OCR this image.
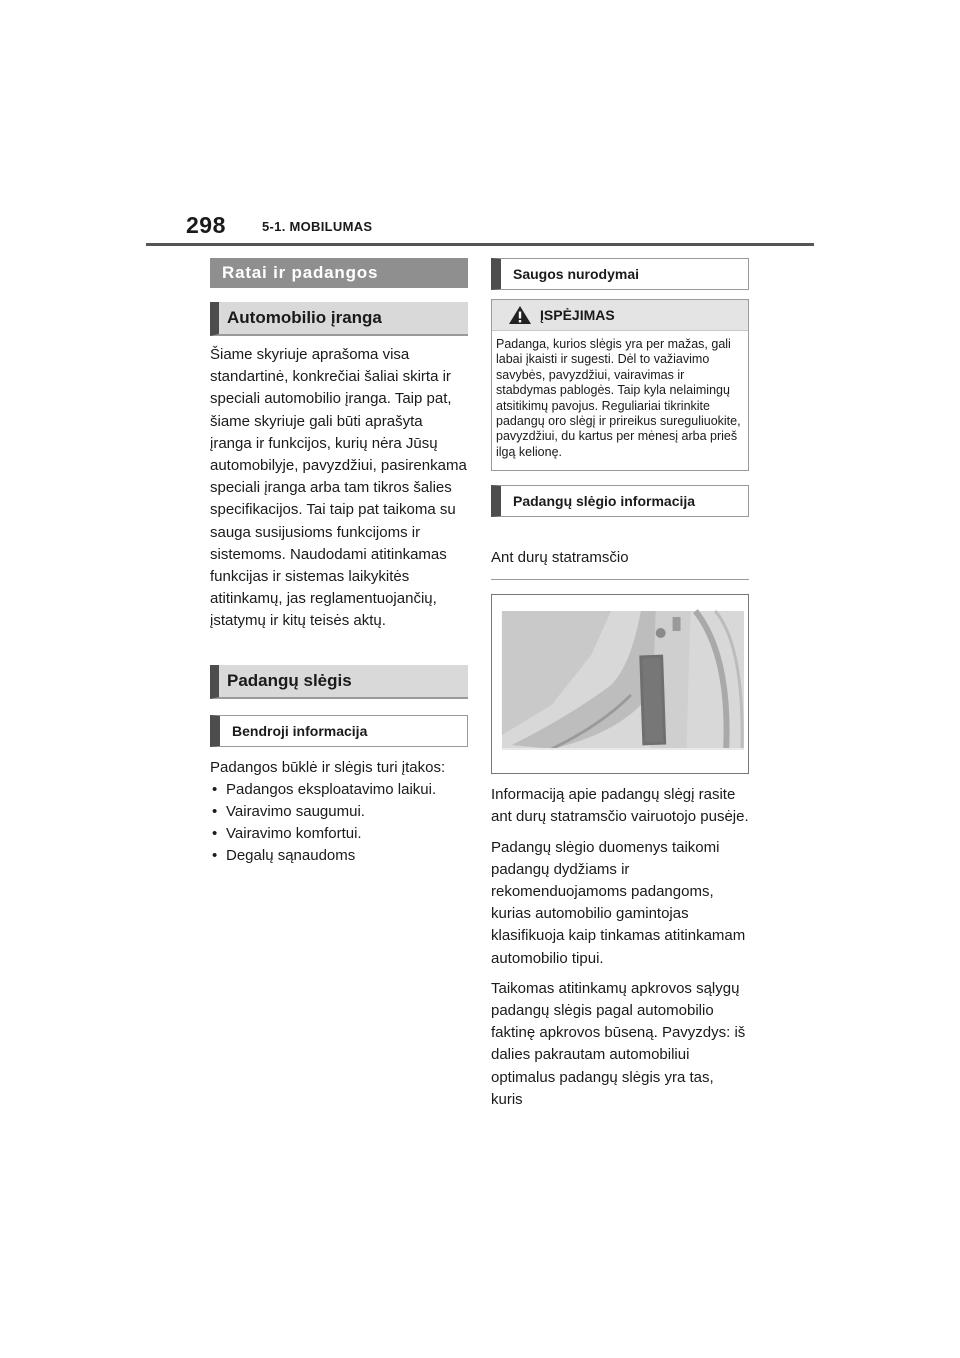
298	5-1. MOBILUMAS
Ratai ir padangos
Automobilio įranga

Šiame skyriuje aprašoma visa standartinė, konkrečiai šaliai skirta ir speciali automobilio įranga. Taip pat, šiame skyriuje gali būti aprašyta įranga ir funkcijos, kurių nėra Jūsų automobilyje, pavyzdžiui, pasirenkama speciali įranga arba tam tikros šalies specifikacijos. Tai taip pat taikoma su sauga susijusioms funkcijoms ir sistemoms. Naudodami atitinkamas funkcijas ir sistemas laikykitės atitinkamų, jas reglamentuojančių, įstatymų ir kitų teisės aktų.

Padangų slėgis
Bendroji informacija

Padangos būklė ir slėgis turi įtakos:

• Padangos eksploatavimo laikui.
• Vairavimo saugumui.
• Vairavimo komfortui.
• Degalų sąnaudoms
Saugos nurodymai
ĮSPĖJIMAS
Padanga, kurios slėgis yra per mažas, gali labai įkaisti ir sugesti. Dėl to važiavimo savybės, pavyzdžiui, vairavimas ir stabdymas pablogės. Taip kyla nelaimingų atsitikimų pavojus. Reguliariai tikrinkite padangų oro slėgį ir prireikus sureguliuokite, pavyzdžiui, du kartus per mėnesį arba prieš ilgą kelionę.
Padangų slėgio informacija
Ant durų statramsčio

Informaciją apie padangų slėgį rasite ant durų statramsčio vairuotojo pusėje.

Padangų slėgio duomenys taikomi padangų dydžiams ir rekomenduojamoms padangoms, kurias automobilio gamintojas klasifikuoja kaip tinkamas atitinkamam automobilio tipui.

Taikomas atitinkamų apkrovos sąlygų padangų slėgis pagal automobilio faktinę apkrovos būseną. Pavyzdys: iš dalies pakrautam automobiliui optimalus padangų slėgis yra tas, kuris
